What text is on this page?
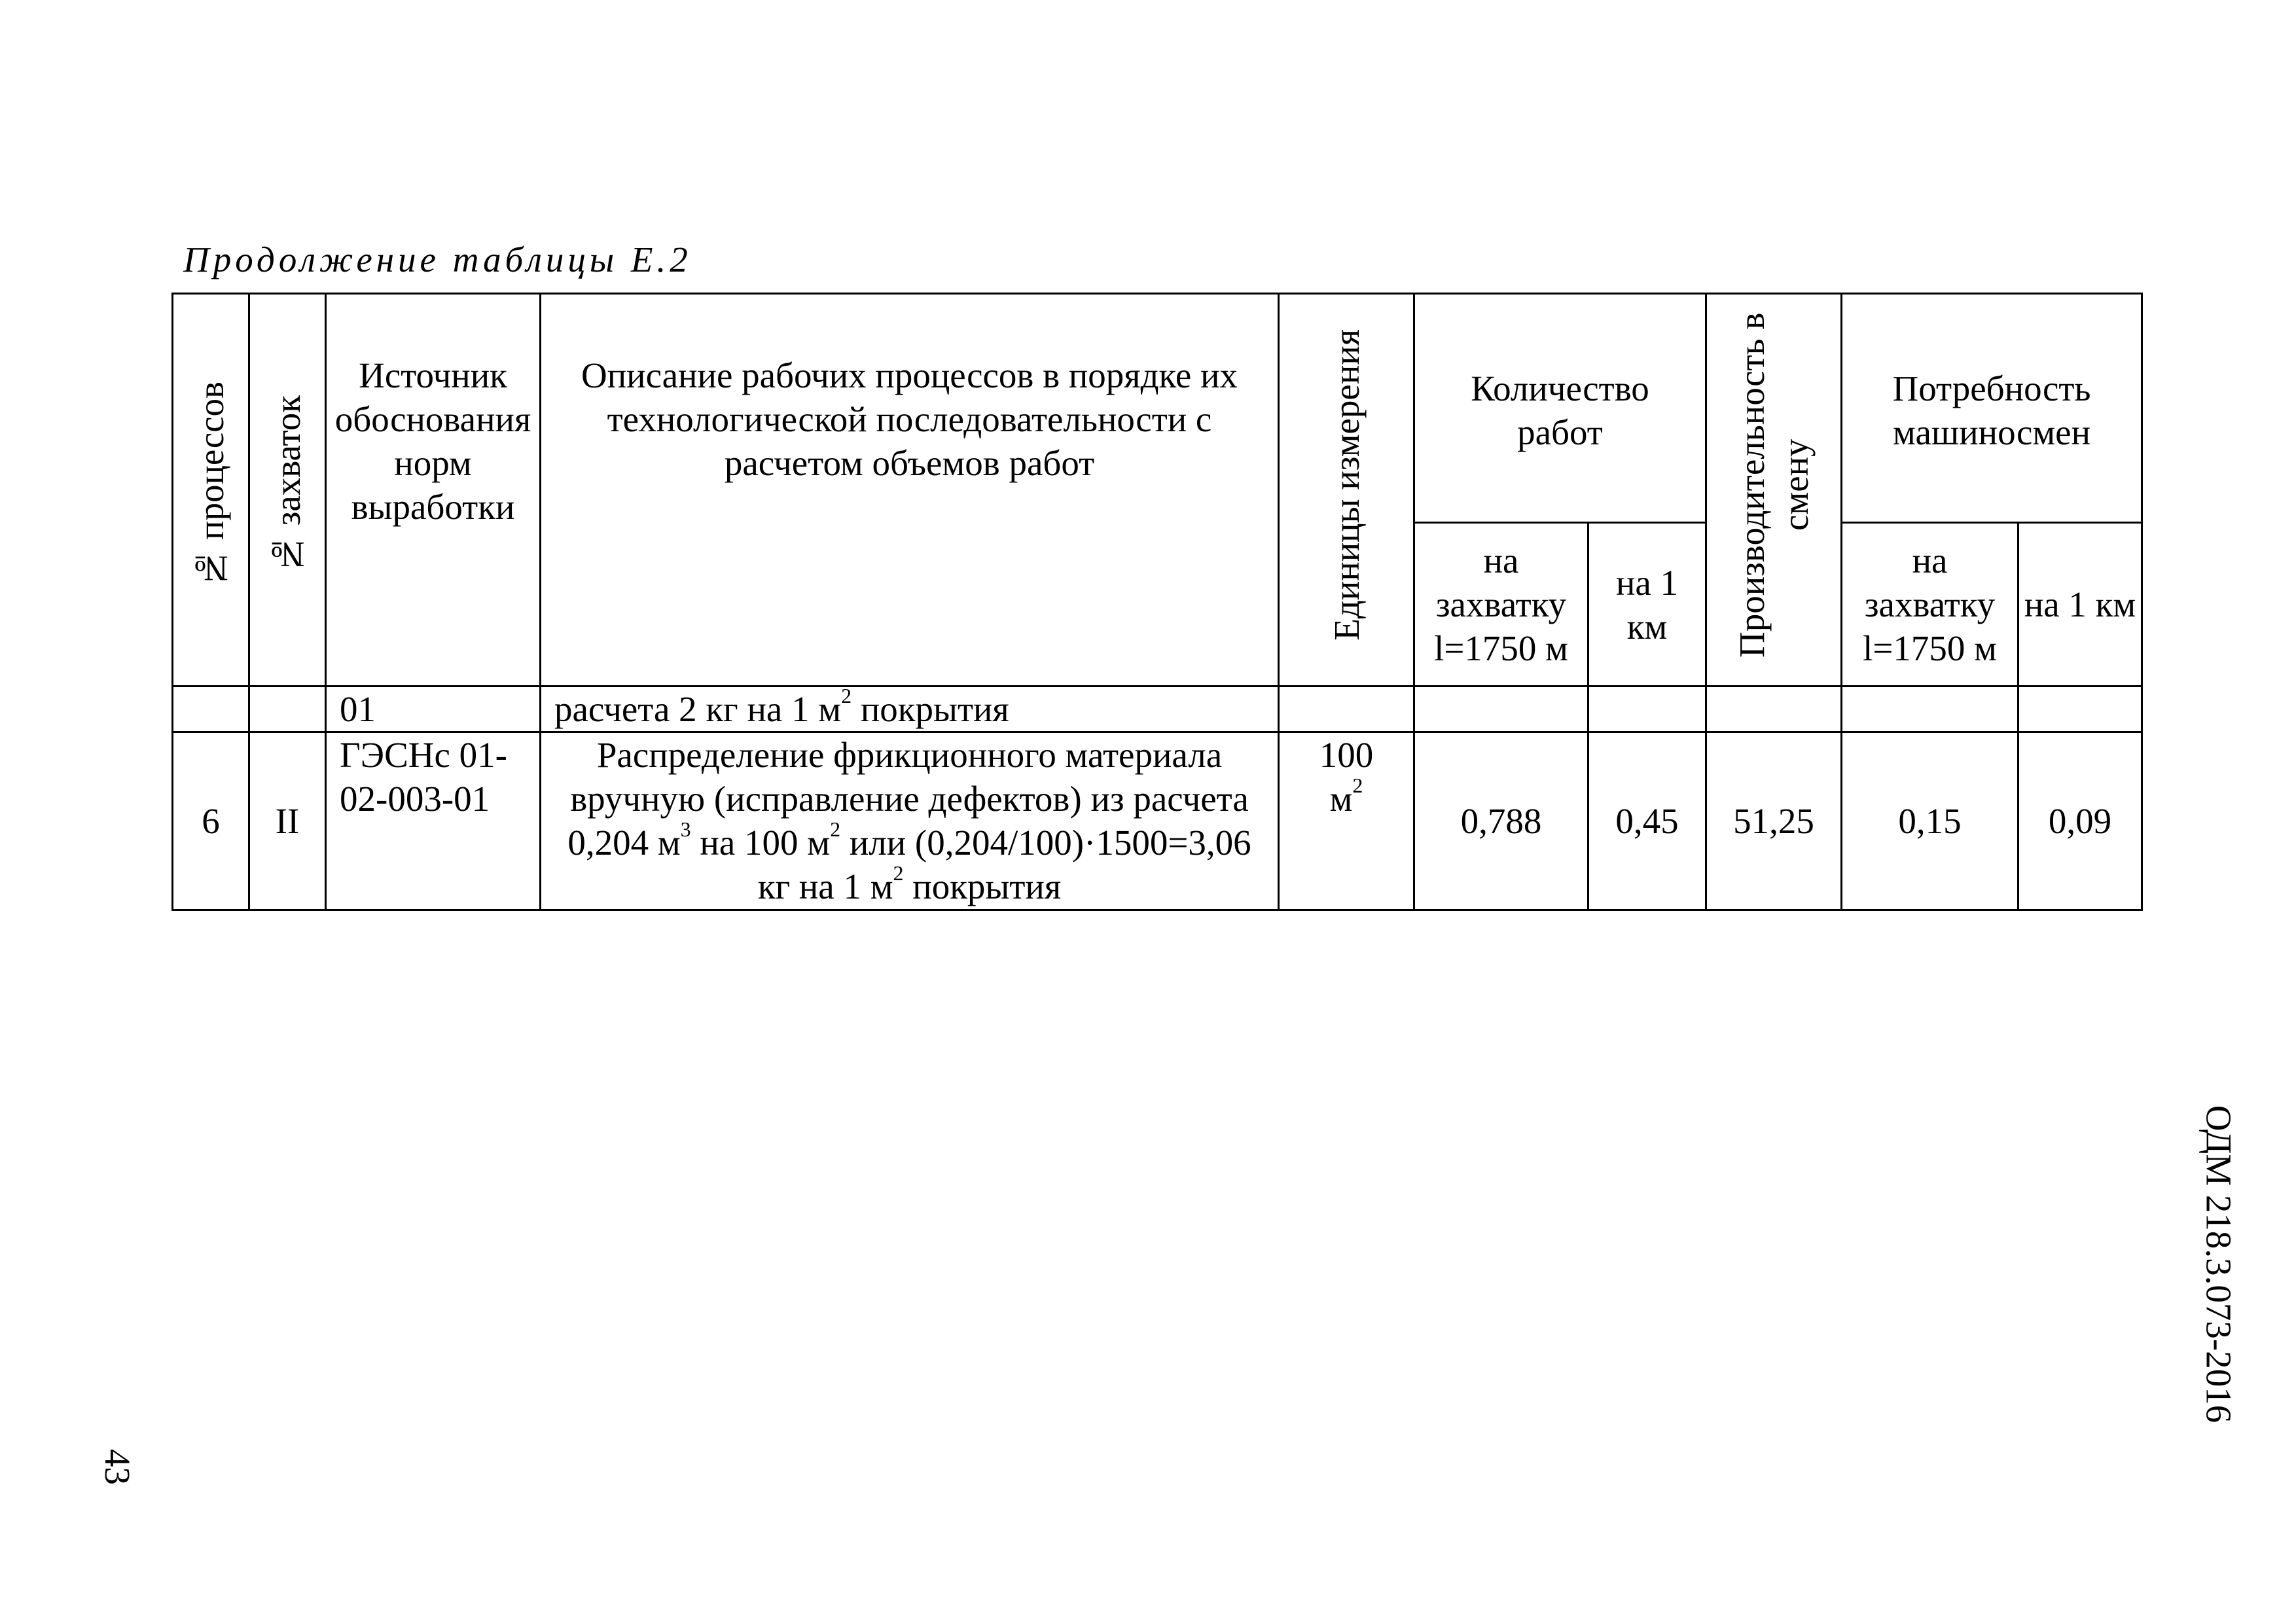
Продолжение таблицы Е.2
№ процессов	№ захваток	Источник обоснования норм выработки	Описание рабочих процессов в порядке их технологической последовательности с расчетом объемов работ	Единицы измерения	Количество работ		Производительность в смену	Потребность машиносмен	
					на захватку l=1750 м	на 1 км		на захватку l=1750 м	на 1 км
		01	расчета 2 кг на 1 $м^2$ покрытия						
6	II	ГЭСНс 01-02-003-01	Распределение фрикционного материала вручную (исправление дефектов) из расчета 0,204 $м^3$ на 100 $м^2$ или (0,204/100)·1500=3,06 кг на 1 $м^2$ покрытия	100 $м^2$	0,788	0,45	51,25	0,15	0,09
43
ОДМ 218.3.073-2016
